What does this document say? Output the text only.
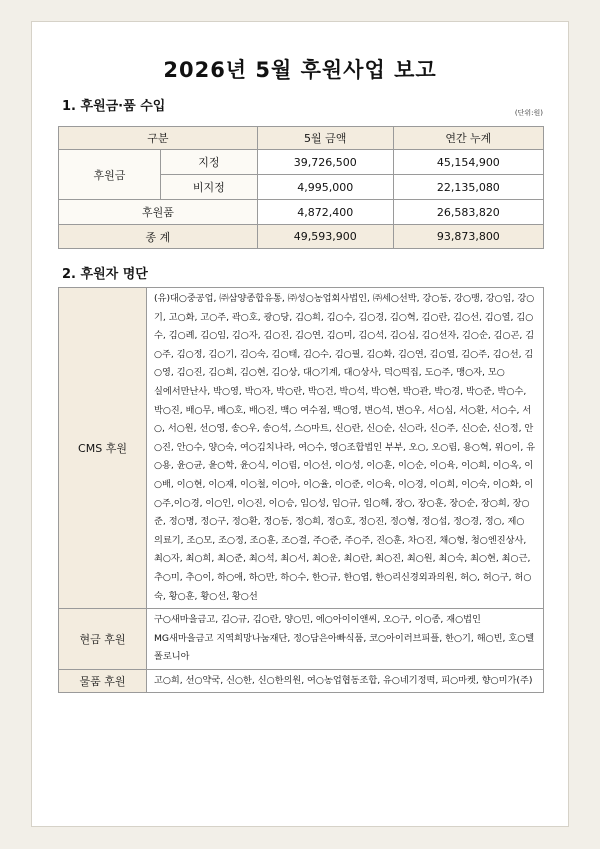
2026년 5월 후원사업 보고
1. 후원금·품 수입	(단위:원)
구분		5월 금액	연간 누계
후원금	지정	39,726,500	45,154,900
	비지정	4,995,000	22,135,080
후원품		4,872,400	26,583,820
종 계		49,593,900	93,873,800
2. 후원자 명단
CMS 후원	(유)대○중공업, ㈜삼양종합유통, ㈜성○농업회사법인, ㈜세○선박, 강○동, 강○맹, 강○임, 강○기, 고○화, 고○주, 곽○호, 광○당, 김○희, 김○수, 김○경, 김○혁, 김○란, 김○선, 김○열, 김○수, 김○례, 김○임, 김○자, 김○진, 김○연, 김○미, 김○석, 김○심, 김○선자, 김○순, 김○곤, 김○주, 김○정, 김○기, 김○숙, 김○태, 김○수, 김○필, 김○화, 김○연, 김○열, 김○주, 김○선, 김○영, 김○진, 김○희, 김○현, 김○상, 대○기계, 대○상사, 덕○떡집, 도○주, 맹○자, 모○실에서만난사, 박○영, 박○자, 박○란, 박○건, 박○석, 박○현, 박○관, 박○경, 박○준, 박○수, 박○진, 배○무, 배○호, 배○진, 백○ 여수점, 백○영, 변○석, 변○우, 서○심, 서○환, 서○수, 서○, 서○원, 선○영, 송○우, 송○석, 스○마트, 신○란, 신○순, 신○라, 신○주, 신○순, 신○정, 안○진, 안○수, 양○숙, 여○김치나라, 여○수, 영○조합법인 부부, 오○, 오○림, 용○혁, 위○이, 유○용, 윤○균, 윤○학, 윤○식, 이○림, 이○선, 이○성, 이○훈, 이○순, 이○육, 이○희, 이○옥, 이○배, 이○현, 이○재, 이○철, 이○아, 이○율, 이○준, 이○육, 이○경, 이○희, 이○숙, 이○화, 이○주,이○경, 이○인, 이○진, 이○승, 임○성, 임○규, 임○해, 장○, 장○훈, 장○순, 장○희, 장○준, 정○명, 정○구, 정○환, 정○동, 정○희, 정○호, 정○진, 정○형, 정○섭, 정○경, 정○, 제○의료기, 조○모, 조○정, 조○훈, 조○결, 주○준, 주○주, 진○훈, 차○진, 채○형, 청○엔진상사, 최○자, 최○희, 최○준, 최○석, 최○서, 최○운, 최○란, 최○진, 최○원, 최○숙, 최○현, 최○근, 추○미, 추○이, 하○애, 하○만, 하○수, 한○규, 한○엽, 한○리신경외과의원, 허○, 허○구, 허○숙, 황○훈, 황○선, 황○선
현금 후원	구○새마을금고, 김○규, 김○란, 양○민, 에○아이이앤씨, 오○구, 이○종, 재○법인 MG새마을금고 지역희망나눔재단, 정○담은아빠식품, 코○아이러브피플, 한○기, 해○빈, 호○텔 폴로니아
물품 후원	고○희, 선○약국, 신○한, 신○한의원, 여○농업협동조합, 유○네기정떡, 피○마켓, 향○미가(주)
